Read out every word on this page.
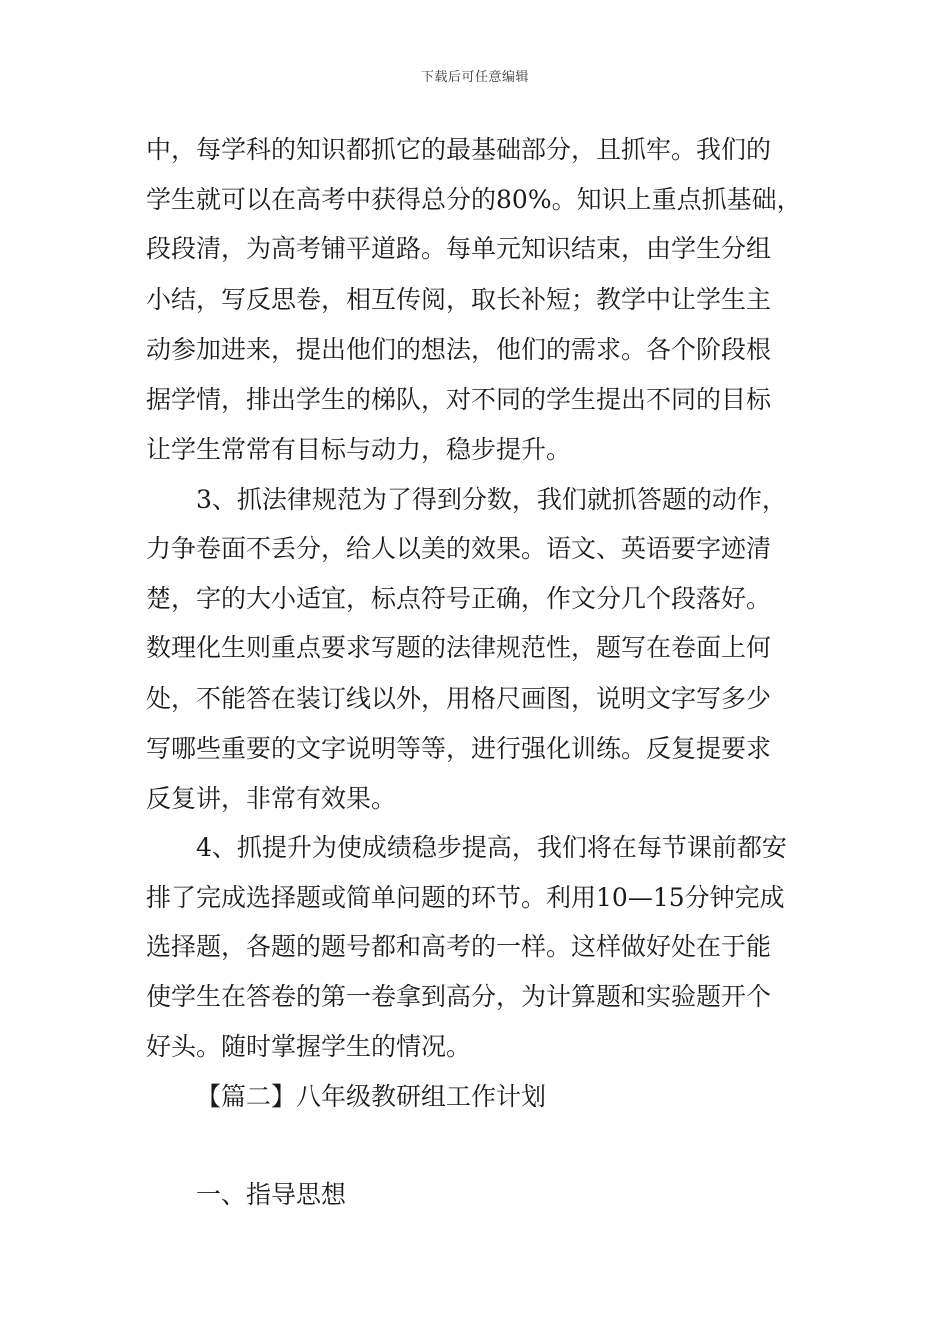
下载后可任意编辑
中，每学科的知识都抓它的最基础部分，且抓牢。我们的
学生就可以在高考中获得总分的80%。知识上重点抓基础，
段段清，为高考铺平道路。每单元知识结束，由学生分组
小结，写反思卷，相互传阅，取长补短；教学中让学生主
动参加进来，提出他们的想法，他们的需求。各个阶段根
据学情，排出学生的梯队，对不同的学生提出不同的目标
让学生常常有目标与动力，稳步提升。
3、抓法律规范为了得到分数，我们就抓答题的动作，
力争卷面不丢分，给人以美的效果。语文、英语要字迹清
楚，字的大小适宜，标点符号正确，作文分几个段落好。
数理化生则重点要求写题的法律规范性，题写在卷面上何
处，不能答在装订线以外，用格尺画图，说明文字写多少
写哪些重要的文字说明等等，进行强化训练。反复提要求
反复讲，非常有效果。
4、抓提升为使成绩稳步提高，我们将在每节课前都安
排了完成选择题或简单问题的环节。利用10—15分钟完成
选择题，各题的题号都和高考的一样。这样做好处在于能
使学生在答卷的第一卷拿到高分，为计算题和实验题开个
好头。随时掌握学生的情况。
【篇二】八年级教研组工作计划
一、指导思想
